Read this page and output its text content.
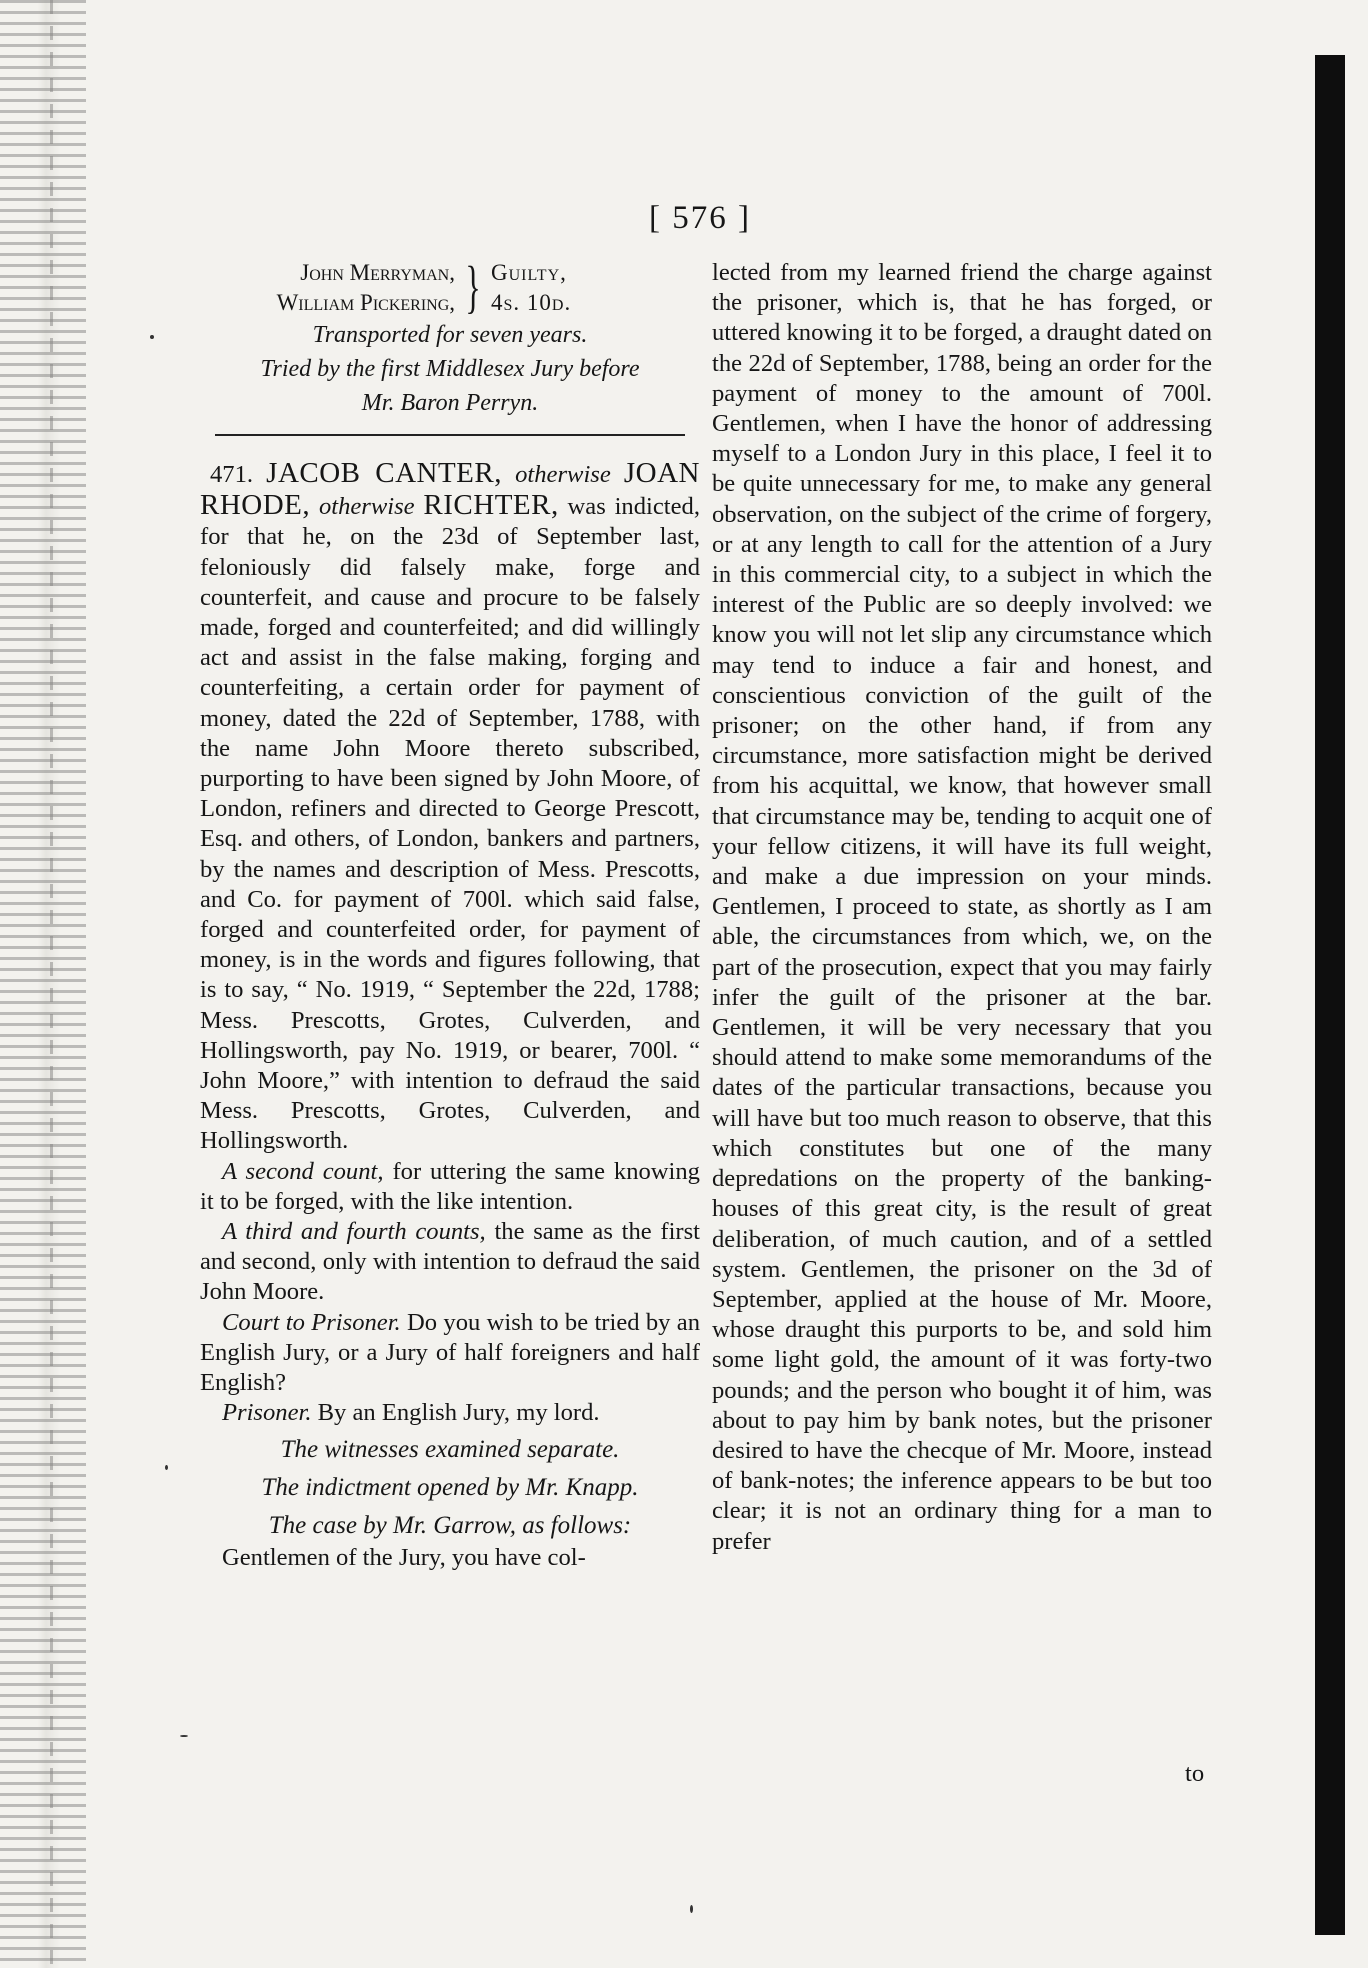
[ 576 ]
John Merryman,
William Pickering, } Guilty,
4s. 10d.
Transported for seven years.
Tried by the first Middlesex Jury before
Mr. Baron Perryn.

471. JACOB CANTER, otherwise JOAN RHODE, otherwise RICHTER, was indicted, for that he, on the 23d of September last, feloniously did falsely make, forge and counterfeit, and cause and procure to be falsely made, forged and counterfeited; and did willingly act and assist in the false making, forging and counterfeiting, a certain order for payment of money, dated the 22d of September, 1788, with the name John Moore thereto subscribed, purporting to have been signed by John Moore, of London, refiners and directed to George Prescott, Esq. and others, of London, bankers and partners, by the names and description of Mess. Prescotts, and Co. for payment of 700l. which said false, forged and counterfeited order, for payment of money, is in the words and figures following, that is to say, “ No. 1919, “ September the 22d, 1788; Mess. Prescotts, Grotes, Culverden, and Hollingsworth, pay No. 1919, or bearer, 700l. “ John Moore,” with intention to defraud the said Mess. Prescotts, Grotes, Culverden, and Hollingsworth.

A second count, for uttering the same knowing it to be forged, with the like intention.

A third and fourth counts, the same as the first and second, only with intention to defraud the said John Moore.

Court to Prisoner. Do you wish to be tried by an English Jury, or a Jury of half foreigners and half English?

Prisoner. By an English Jury, my lord.

The witnesses examined separate.
The indictment opened by Mr. Knapp.
The case by Mr. Garrow, as follows:

Gentlemen of the Jury, you have col-

lected from my learned friend the charge against the prisoner, which is, that he has forged, or uttered knowing it to be forged, a draught dated on the 22d of September, 1788, being an order for the payment of money to the amount of 700l. Gentlemen, when I have the honor of addressing myself to a London Jury in this place, I feel it to be quite unnecessary for me, to make any general observation, on the subject of the crime of forgery, or at any length to call for the attention of a Jury in this commercial city, to a subject in which the interest of the Public are so deeply involved: we know you will not let slip any circumstance which may tend to induce a fair and honest, and conscientious conviction of the guilt of the prisoner; on the other hand, if from any circumstance, more satisfaction might be derived from his acquittal, we know, that however small that circumstance may be, tending to acquit one of your fellow citizens, it will have its full weight, and make a due impression on your minds. Gentlemen, I proceed to state, as shortly as I am able, the circumstances from which, we, on the part of the prosecution, expect that you may fairly infer the guilt of the prisoner at the bar. Gentlemen, it will be very necessary that you should attend to make some memorandums of the dates of the particular transactions, because you will have but too much reason to observe, that this which constitutes but one of the many depredations on the property of the banking-houses of this great city, is the result of great deliberation, of much caution, and of a settled system. Gentlemen, the prisoner on the 3d of September, applied at the house of Mr. Moore, whose draught this purports to be, and sold him some light gold, the amount of it was forty-two pounds; and the person who bought it of him, was about to pay him by bank notes, but the prisoner desired to have the checque of Mr. Moore, instead of bank-notes; the inference appears to be but too clear; it is not an ordinary thing for a man to prefer

to
